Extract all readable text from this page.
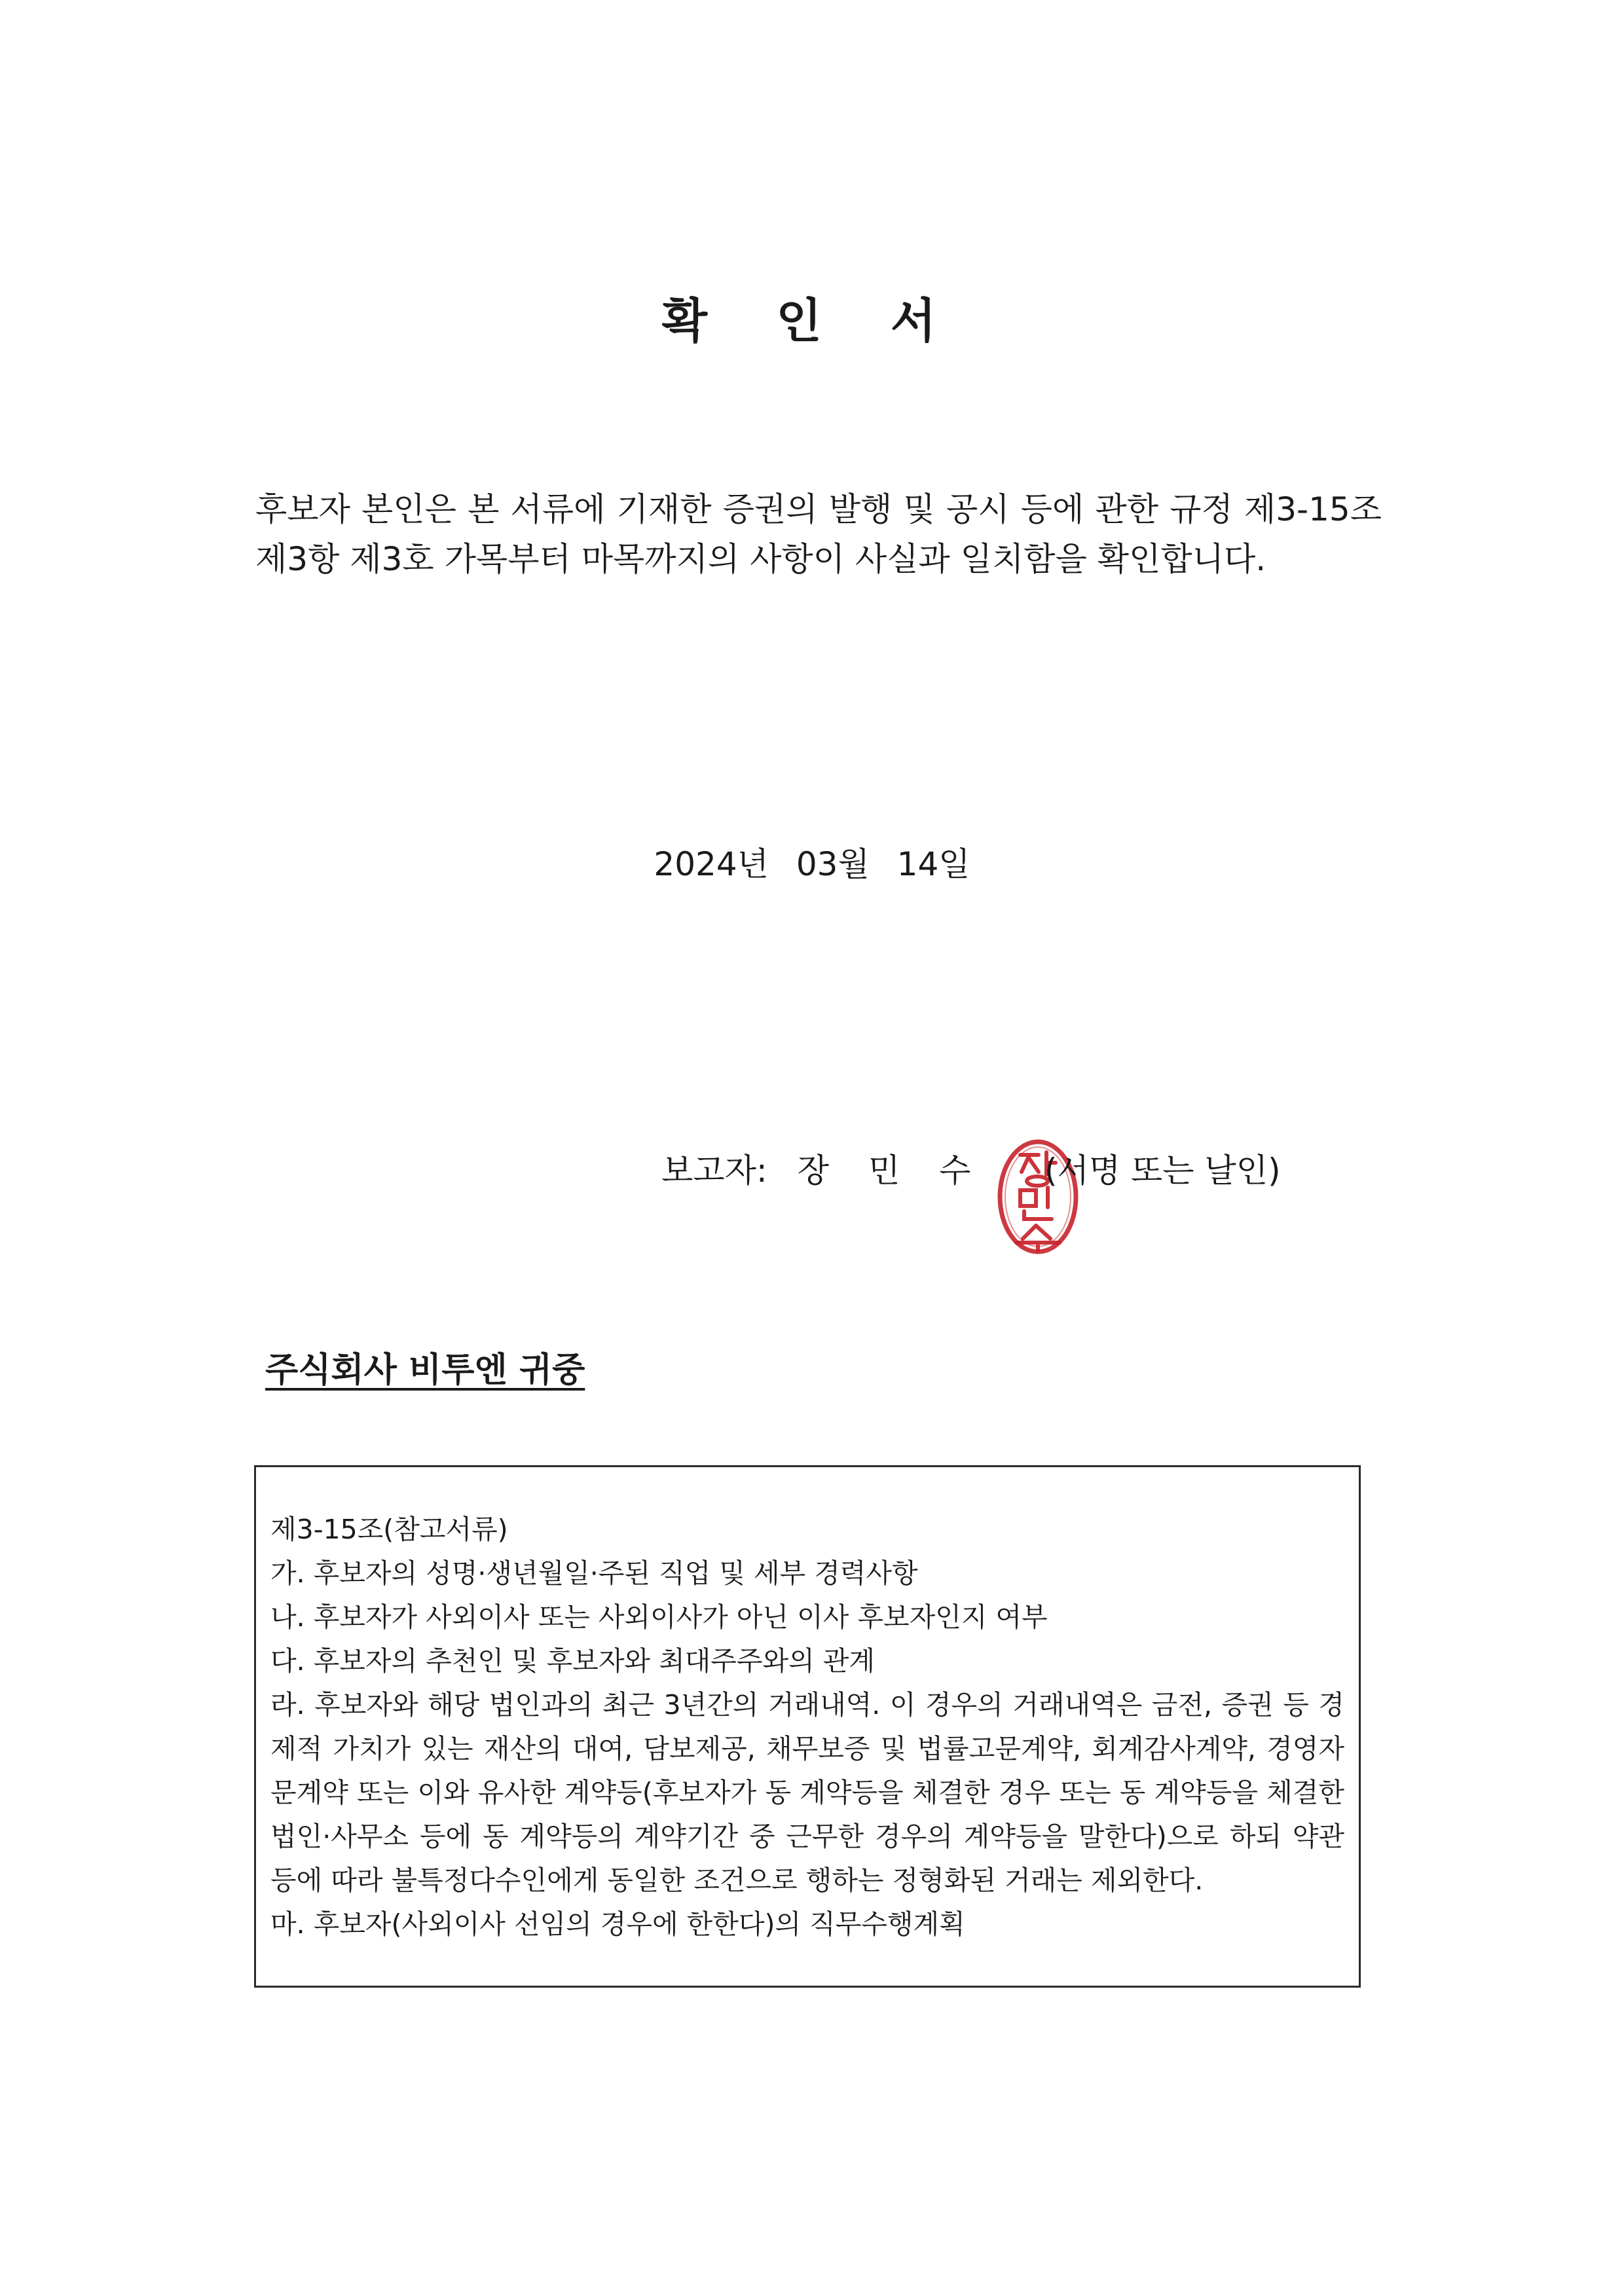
확 인 서
후보자 본인은 본 서류에 기재한 증권의 발행 및 공시 등에 관한 규정 제3-15조 제3항 제3호 가목부터 마목까지의 사항이 사실과 일치함을 확인합니다.
2024년 03월 14일
보고자: 장 민 수 (서명 또는 날인)
주식회사 비투엔 귀중
제3-15조(참고서류)
가. 후보자의 성명·생년월일·주된 직업 및 세부 경력사항
나. 후보자가 사외이사 또는 사외이사가 아닌 이사 후보자인지 여부
다. 후보자의 추천인 및 후보자와 최대주주와의 관계
라. 후보자와 해당 법인과의 최근 3년간의 거래내역. 이 경우의 거래내역은 금전, 증권 등 경제적 가치가 있는 재산의 대여, 담보제공, 채무보증 및 법률고문계약, 회계감사계약, 경영자문계약 또는 이와 유사한 계약등(후보자가 동 계약등을 체결한 경우 또는 동 계약등을 체결한 법인·사무소 등에 동 계약등의 계약기간 중 근무한 경우의 계약등을 말한다)으로 하되 약관 등에 따라 불특정다수인에게 동일한 조건으로 행하는 정형화된 거래는 제외한다.
마. 후보자(사외이사 선임의 경우에 한한다)의 직무수행계획
